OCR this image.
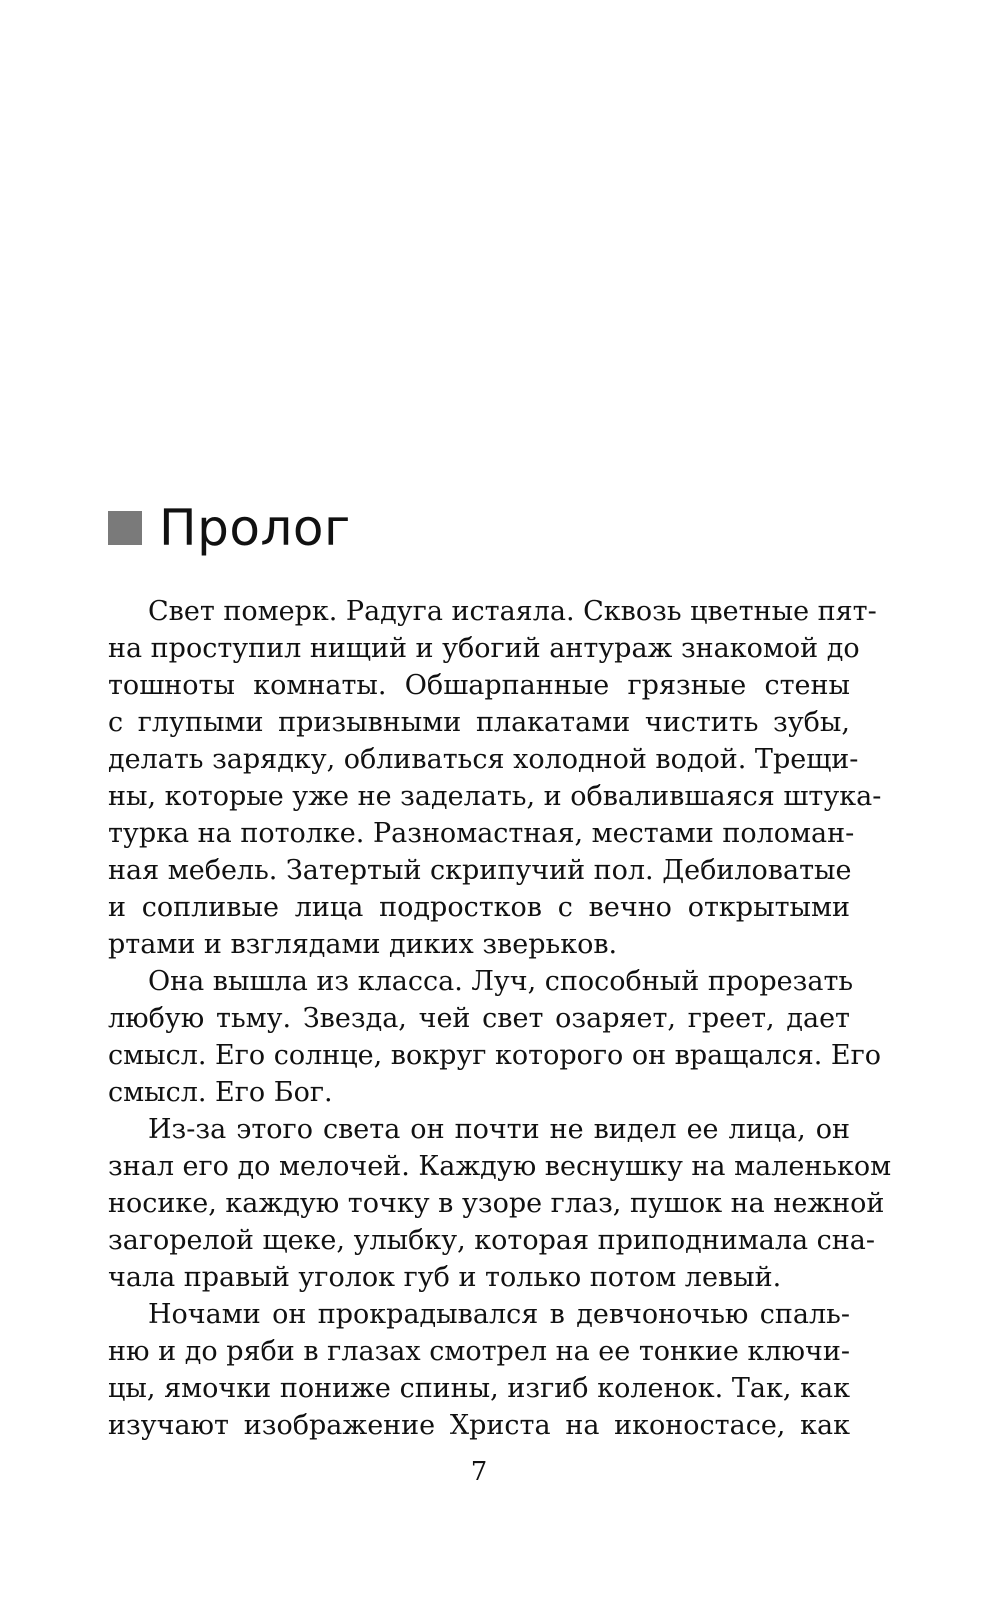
Пролог

Свет померк. Радуга истаяла. Сквозь цветные пят-
на проступил нищий и убогий антураж знакомой до
тошноты комнаты. Обшарпанные грязные стены
с глупыми призывными плакатами чистить зубы,
делать зарядку, обливаться холодной водой. Трещи-
ны, которые уже не заделать, и обвалившаяся штука-
турка на потолке. Разномастная, местами поломан-
ная мебель. Затертый скрипучий пол. Дебиловатые
и сопливые лица подростков с вечно открытыми
ртами и взглядами диких зверьков.

Она вышла из класса. Луч, способный прорезать
любую тьму. Звезда, чей свет озаряет, греет, дает
смысл. Его солнце, вокруг которого он вращался. Его
смысл. Его Бог.

Из-за этого света он почти не видел ее лица, он
знал его до мелочей. Каждую веснушку на маленьком
носике, каждую точку в узоре глаз, пушок на нежной
загорелой щеке, улыбку, которая приподнимала сна-
чала правый уголок губ и только потом левый.

Ночами он прокрадывался в девчоночью спаль-
ню и до ряби в глазах смотрел на ее тонкие ключи-
цы, ямочки пониже спины, изгиб коленок. Так, как
изучают изображение Христа на иконостасе, как

7
